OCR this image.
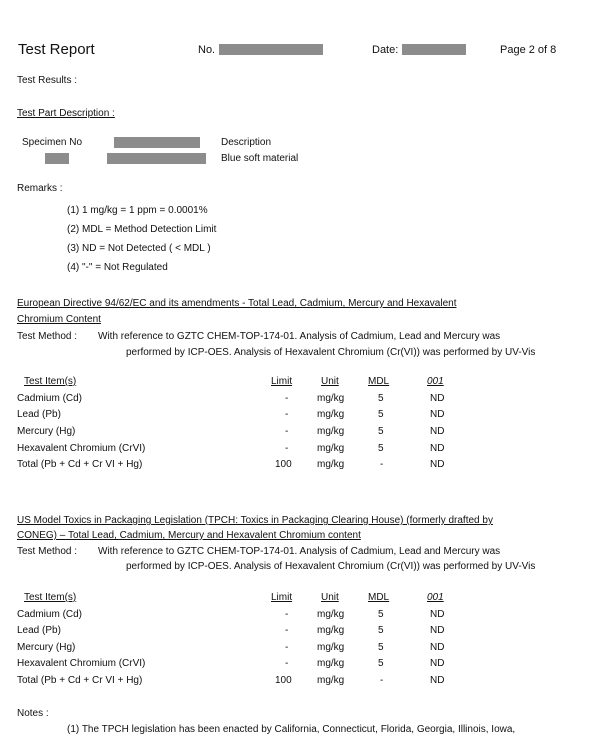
Test Report	No.	Date:	Page 2 of 8
Test Results :
Test Part Description :
Specimen No	Description
Blue soft material
Remarks :
(1) 1 mg/kg = 1 ppm = 0.0001%
(2) MDL = Method Detection Limit
(3) ND = Not Detected ( < MDL )
(4) "-" = Not Regulated
European Directive 94/62/EC and its amendments - Total Lead, Cadmium, Mercury and Hexavalent
Chromium Content
Test Method : With reference to GZTC CHEM-TOP-174-01. Analysis of Cadmium, Lead and Mercury was
performed by ICP-OES. Analysis of Hexavalent Chromium (Cr(VI)) was performed by UV-Vis
Test Item(s)	Limit	Unit	MDL	001
Cadmium (Cd)	-	mg/kg	5	ND
Lead (Pb)	-	mg/kg	5	ND
Mercury (Hg)	-	mg/kg	5	ND
Hexavalent Chromium (CrVI)	-	mg/kg	5	ND
Total (Pb + Cd + Cr VI + Hg)	100	mg/kg	-	ND
US Model Toxics in Packaging Legislation (TPCH: Toxics in Packaging Clearing House) (formerly drafted by
CONEG) – Total Lead, Cadmium, Mercury and Hexavalent Chromium content
Test Method : With reference to GZTC CHEM-TOP-174-01. Analysis of Cadmium, Lead and Mercury was
performed by ICP-OES. Analysis of Hexavalent Chromium (Cr(VI)) was performed by UV-Vis
Test Item(s)	Limit	Unit	MDL	001
Cadmium (Cd)	-	mg/kg	5	ND
Lead (Pb)	-	mg/kg	5	ND
Mercury (Hg)	-	mg/kg	5	ND
Hexavalent Chromium (CrVI)	-	mg/kg	5	ND
Total (Pb + Cd + Cr VI + Hg)	100	mg/kg	-	ND
Notes :
(1) The TPCH legislation has been enacted by California, Connecticut, Florida, Georgia, Illinois, Iowa,
